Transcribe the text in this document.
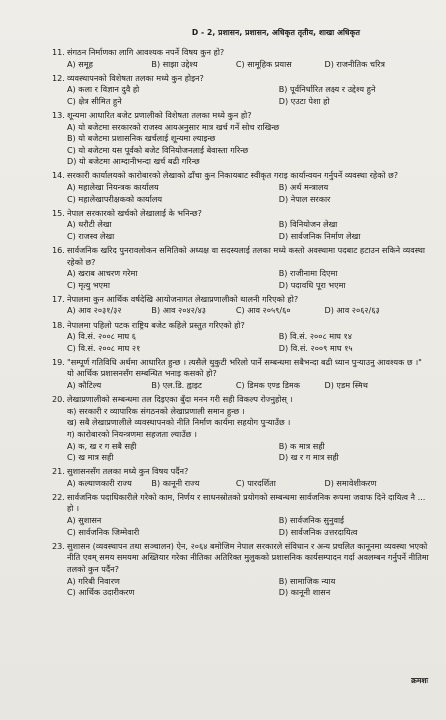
D - 2, प्रशासन, प्रशासन, अधिकृत तृतीय, शाखा अधिकृत
11. संगठन निर्माणका लागि आवश्यक नपर्ने विषय कुन हो?
A) समूह	B) साझा उद्देश्य	C) सामूहिक प्रयास	D) राजनीतिक चरित्र
12. व्यवस्थापनको विशेषता तलका मध्ये कुन होइन?
A) कला र विज्ञान दुवै हो	B) पूर्वनिर्धारित लक्ष्य र उद्देश्य हुने
C) क्षेत्र सीमित हुने	D) एउटा पेशा हो
13. शून्यमा आधारित बजेट प्रणालीको विशेषता तलका मध्ये कुन हो?
A) यो बजेटमा सरकारको राजस्व आयअनुसार मात्र खर्च गर्ने सोच राखिन्छ
B) यो बजेटमा प्रशासनिक खर्चलाई शून्यमा ल्याइन्छ
C) यो बजेटमा यस पूर्वको बजेट विनियोजनलाई बेवास्ता गरिन्छ
D) यो बजेटमा आम्दानीभन्दा खर्च बढी गरिन्छ
14. सरकारी कार्यालयको कारोबारको लेखाको ढाँचा कुन निकायबाट स्वीकृत गराइ कार्यान्वयन गर्नुपर्ने व्यवस्था रहेको छ?
A) महालेखा नियन्त्रक कार्यालय	B) अर्थ मन्त्रालय
C) महालेखापरीक्षकको कार्यालय	D) नेपाल सरकार
15. नेपाल सरकारको खर्चको लेखालाई के भनिन्छ?
A) धरौटी लेखा	B) विनियोजन लेखा
C) राजस्व लेखा	D) सार्वजनिक निर्माण लेखा
16. सार्वजनिक खरिद पुनरावलोकन समितिको अध्यक्ष वा सदस्यलाई तलका मध्ये कस्तो अवस्थामा पदबाट हटाउन सकिने व्यवस्था रहेको छ?
A) खराब आचरण गरेमा	B) राजीनामा दिएमा
C) मृत्यु भएमा	D) पदावधि पूरा भएमा
17. नेपालमा कुन आर्थिक वर्षदेखि आयोजनागत लेखाप्रणालीको थालनी गरिएको हो?
A) आव २०३१/३२	B) आव २०४२/४३	C) आव २०५९/६०	D) आव २०६२/६३
18. नेपालमा पहिलो पटक राष्ट्रिय बजेट कहिले प्रस्तुत गरिएको हो?
A) वि.सं. २००८ माघ ६	B) वि.सं. २००८ माघ १४
C) वि.सं. २००८ माघ २१	D) वि.सं. २००९ माघ १५
19. "सम्पूर्ण गतिविधि अर्थमा आधारित हुन्छ । त्यसैले थुकुटी भरिलो पार्ने सम्बन्धमा सबैभन्दा बढी ध्यान पुऱ्याउनु आवश्यक छ ।" यो आर्थिक प्रशासनसँग सम्बन्धित भनाइ कसको हो?
A) कौटिल्य	B) एल.डि. ह्वाइट	C) डिमक एण्ड डिमक	D) एडम स्मिथ
20. लेखाप्रणालीको सम्बन्धमा तल दिइएका बुँदा मनन गरी सही विकल्प रोज्नुहोस् ।
क) सरकारी र व्यापारिक संगठनको लेखाप्रणाली समान हुन्छ ।
ख) सबै लेखाप्रणालीले व्यवस्थापनको नीति निर्माण कार्यमा सहयोग पुऱ्याउँछ ।
ग) कारोबारको नियन्त्रणमा सहजता ल्याउँछ ।
A) क, ख र ग सबै सही	B) क मात्र सही
C) ख मात्र सही	D) ख र ग मात्र सही
21. सुशासनसँग तलका मध्ये कुन विषय पर्दैन?
A) कल्याणकारी राज्य	B) कानूनी राज्य	C) पारदर्शिता	D) समावेशीकरण
22. सार्वजनिक पदाधिकारीले गरेको काम, निर्णय र साधनस्रोतको प्रयोगको सम्बन्धमा सार्वजनिक रूपमा जवाफ दिने दायित्व नै ... हो ।
A) सुशासन	B) सार्वजनिक सुनुवाई
C) सार्वजनिक जिम्मेवारी	D) सार्वजनिक उत्तरदायित्व
23. सुशासन (व्यवस्थापन तथा सञ्चालन) ऐन, २०६४ बमोजिम नेपाल सरकारले संविधान र अन्य प्रचलित कानूनमा व्यवस्था भएको नीति एवम् समय समयमा अख्तियार गरेका नीतिका अतिरिक्त मुलुकको प्रशासनिक कार्यसम्पादन गर्दा अवलम्बन गर्नुपर्ने नीतिमा तलको कुन पर्दैन?
A) गरिबी निवारण	B) सामाजिक न्याय
C) आर्थिक उदारीकरण	D) कानूनी शासन
क्रमशः
